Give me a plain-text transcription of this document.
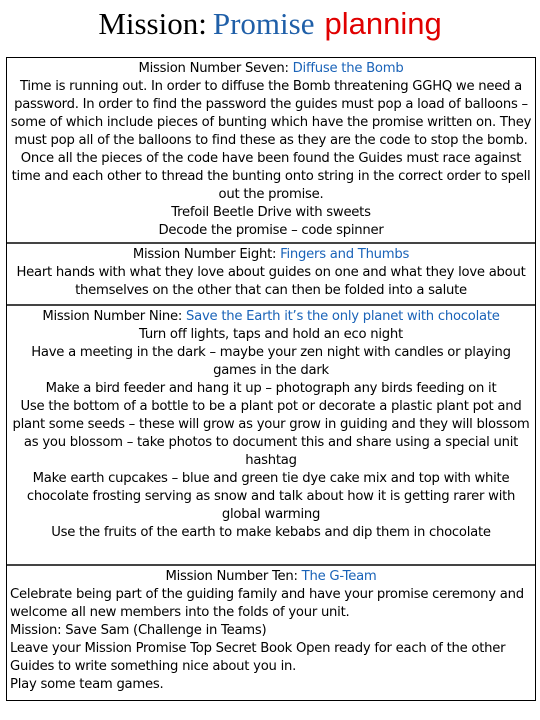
Mission: Promise planning

Mission Number Seven: Diffuse the Bomb

Time is running out. In order to diffuse the Bomb threatening GGHQ we need a password. In order to find the password the guides must pop a load of balloons – some of which include pieces of bunting which have the promise written on. They must pop all of the balloons to find these as they are the code to stop the bomb. Once all the pieces of the code have been found the Guides must race against time and each other to thread the bunting onto string in the correct order to spell out the promise.

Trefoil Beetle Drive with sweets

Decode the promise – code spinner

Mission Number Eight: Fingers and Thumbs

Heart hands with what they love about guides on one and what they love about themselves on the other that can then be folded into a salute

Mission Number Nine: Save the Earth it’s the only planet with chocolate

Turn off lights, taps and hold an eco night

Have a meeting in the dark – maybe your zen night with candles or playing games in the dark

Make a bird feeder and hang it up – photograph any birds feeding on it

Use the bottom of a bottle to be a plant pot or decorate a plastic plant pot and plant some seeds – these will grow as your grow in guiding and they will blossom as you blossom – take photos to document this and share using a special unit hashtag

Make earth cupcakes – blue and green tie dye cake mix and top with white chocolate frosting serving as snow and talk about how it is getting rarer with global warming

Use the fruits of the earth to make kebabs and dip them in chocolate

Mission Number Ten: The G-Team

Celebrate being part of the guiding family and have your promise ceremony and welcome all new members into the folds of your unit.

Mission: Save Sam (Challenge in Teams)

Leave your Mission Promise Top Secret Book Open ready for each of the other Guides to write something nice about you in.

Play some team games.
